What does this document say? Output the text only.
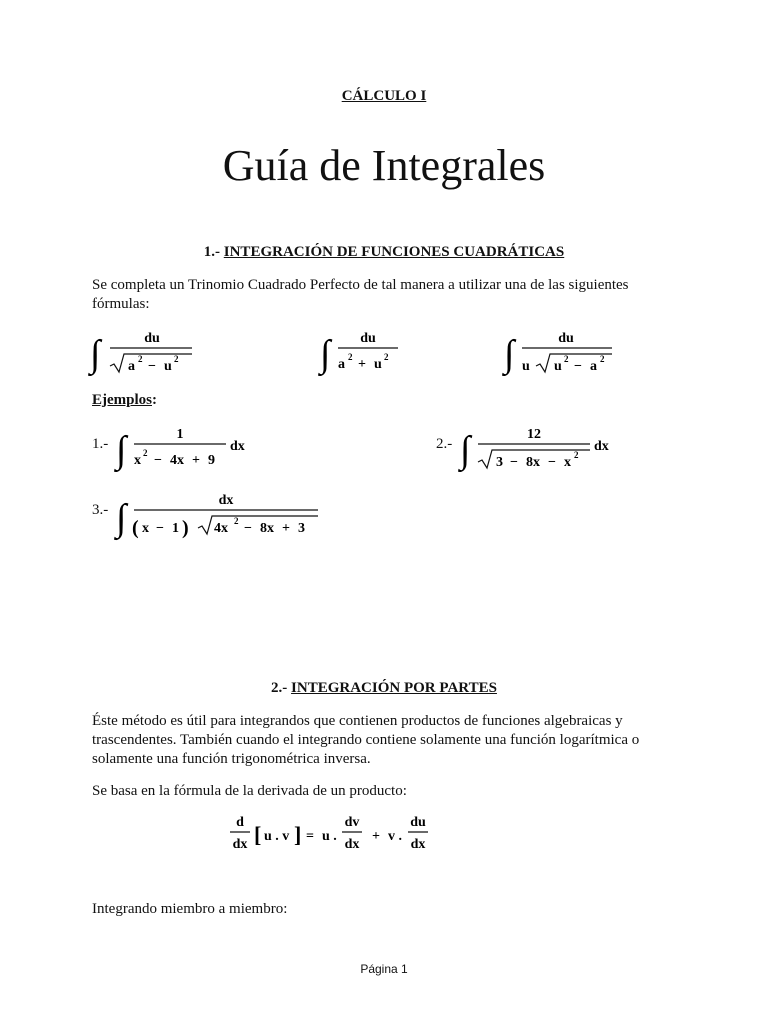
CÁLCULO I
Guía de Integrales
1.- INTEGRACIÓN DE FUNCIONES CUADRÁTICAS
Se completa un Trinomio Cuadrado Perfecto de tal manera a utilizar una de las siguientes fórmulas:
∫	du
a 2 − u 2	∫ du
a 2 + u 2	∫	du
u u 2 − a 2
Ejemplos:
1.- ∫	1
x 2 − 4x + 9
dx	2.- ∫	12
3 − 8x − x 2
dx
3.- ∫	dx
( x − 1 ) 4x 2 − 8x + 3
2.- INTEGRACIÓN POR PARTES
Éste método es útil para integrandos que contienen productos de funciones algebraicas y trascendentes. También cuando el integrando contiene solamente una función logarítmica o solamente una función trigonométrica inversa.
Se basa en la fórmula de la derivada de un producto:
d
dx [ u . v ] = u .
dv
dx
+ v .
du
dx
Integrando miembro a miembro:
Página 1
